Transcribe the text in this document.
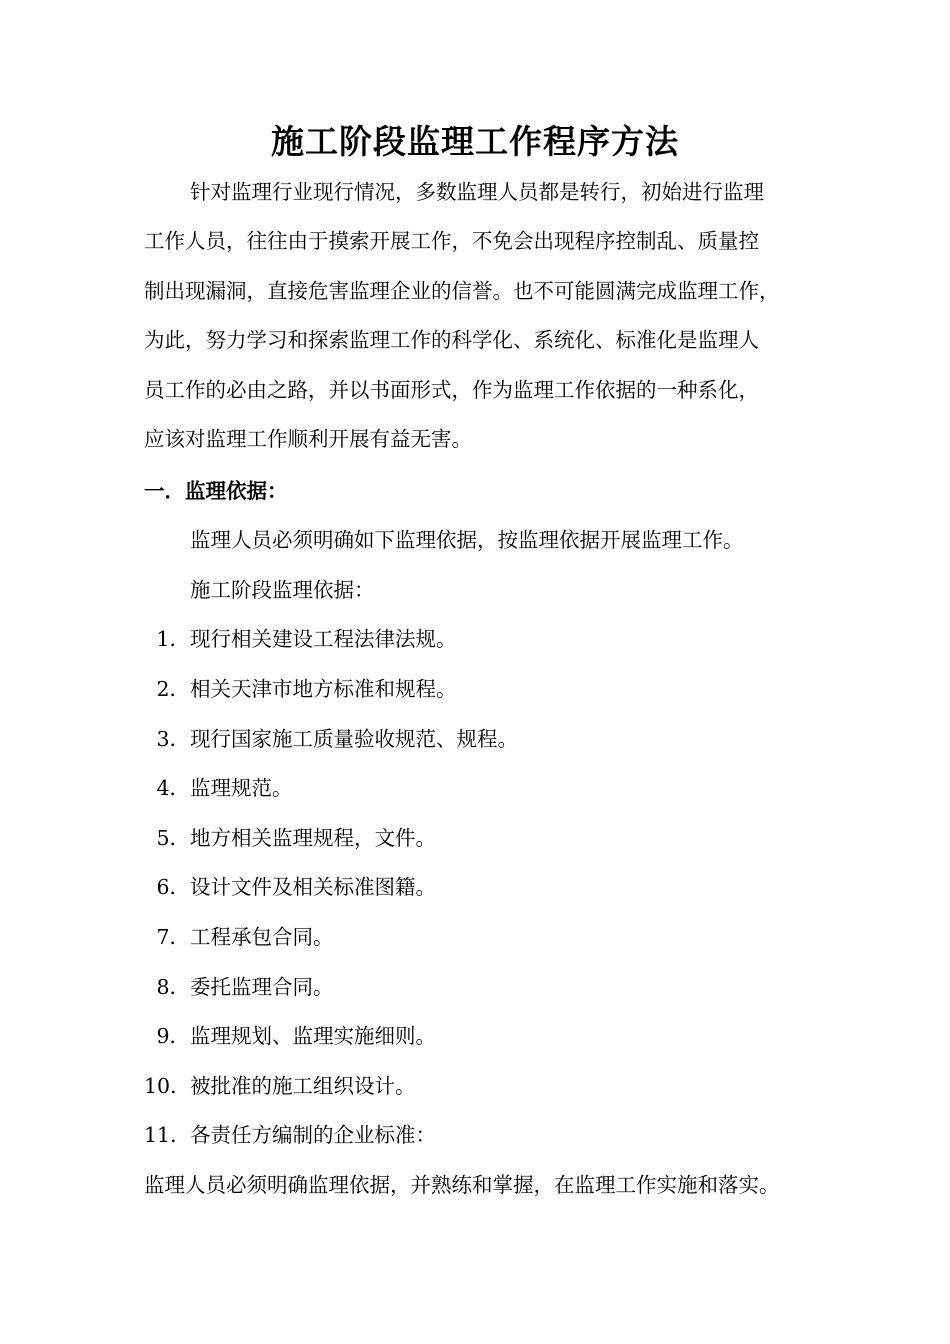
施工阶段监理工作程序方法
针对监理行业现行情况，多数监理人员都是转行，初始进行监理
工作人员，往往由于摸索开展工作，不免会出现程序控制乱、质量控
制出现漏洞，直接危害监理企业的信誉。也不可能圆满完成监理工作，
为此，努力学习和探索监理工作的科学化、系统化、标准化是监理人
员工作的必由之路，并以书面形式，作为监理工作依据的一种系化，
应该对监理工作顺利开展有益无害。
一．监理依据：
监理人员必须明确如下监理依据，按监理依据开展监理工作。
施工阶段监理依据：
1．现行相关建设工程法律法规。
2．相关天津市地方标准和规程。
3．现行国家施工质量验收规范、规程。
4．监理规范。
5．地方相关监理规程，文件。
6．设计文件及相关标准图籍。
7．工程承包合同。
8．委托监理合同。
9．监理规划、监理实施细则。
10．被批准的施工组织设计。
11．各责任方编制的企业标准：
监理人员必须明确监理依据，并熟练和掌握，在监理工作实施和落实。
